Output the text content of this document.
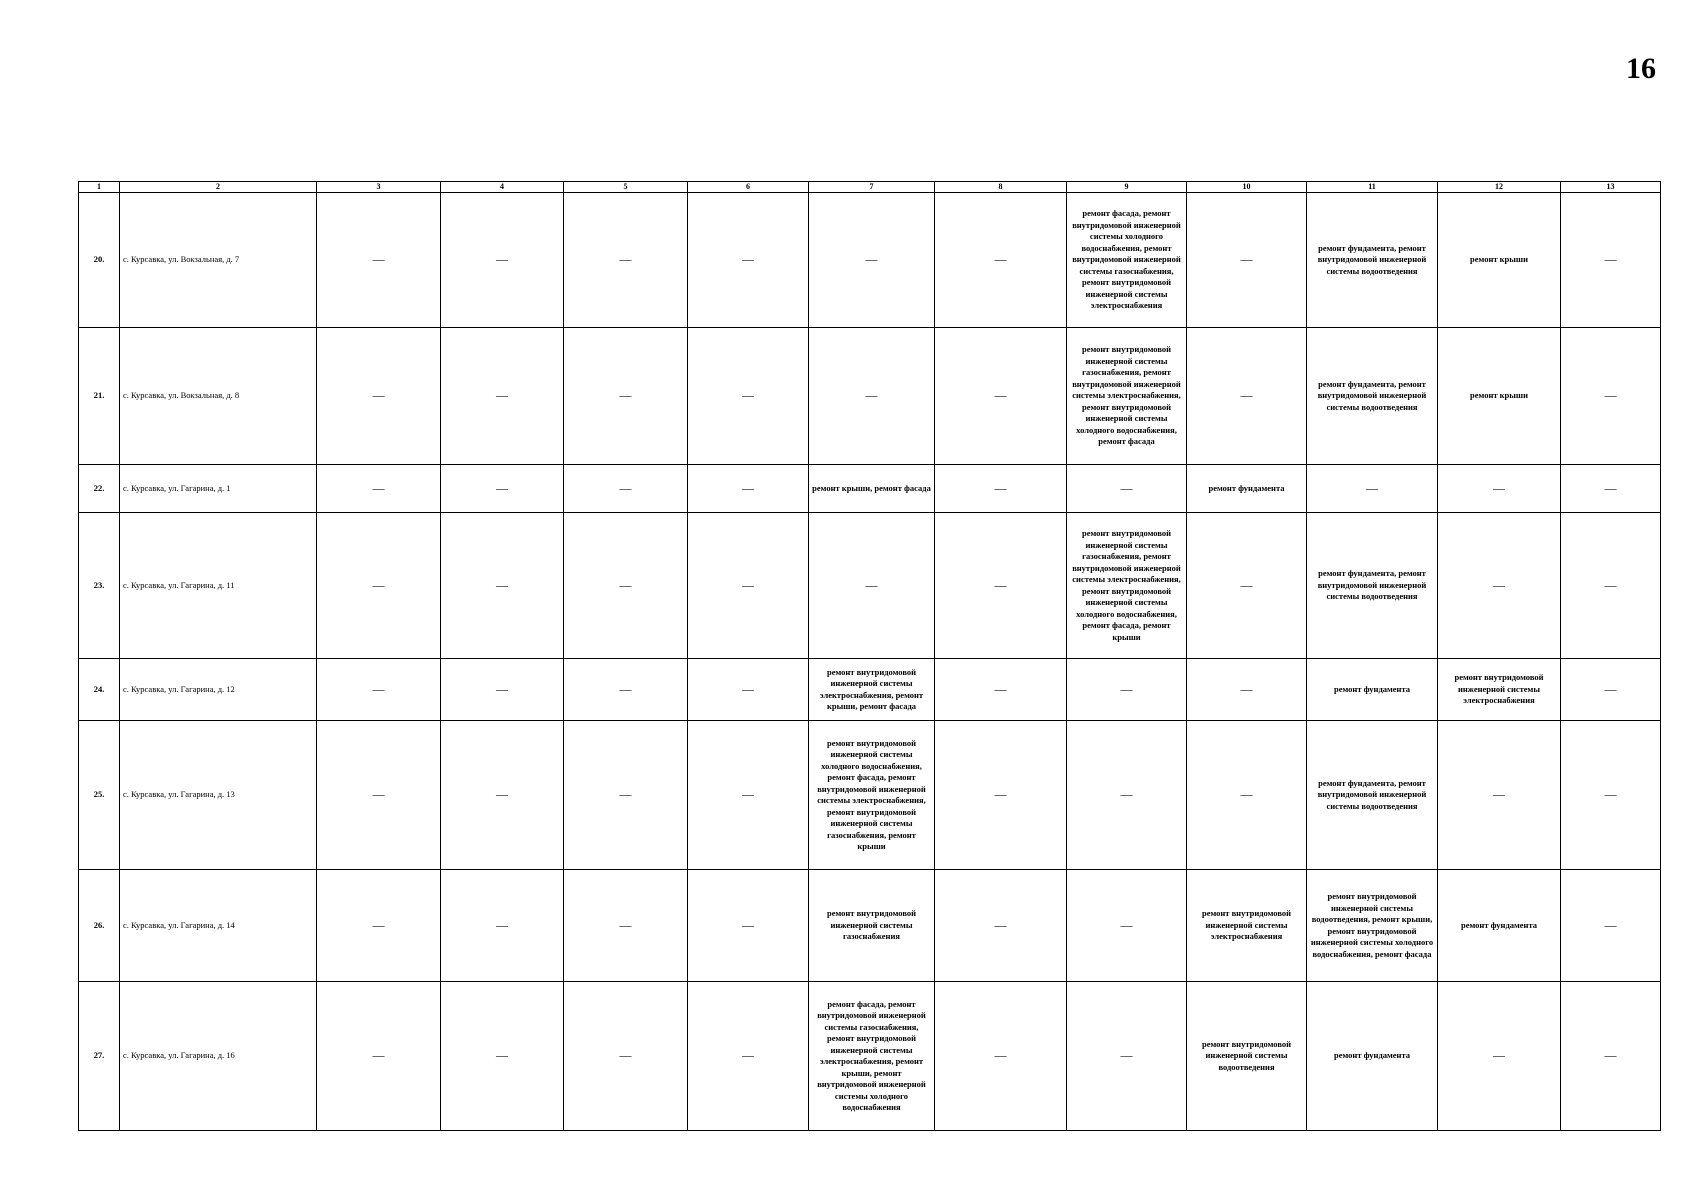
16
1	2	3	4	5	6	7	8	9	10	11	12	13
20.	с. Курсавка, ул. Вокзальная, д. 7	—	—	—	—	—	—	ремонт фасада, ремонт внутридомовой инженерной системы холодного водоснабжения, ремонт внутридомовой инженерной системы газоснабжения, ремонт внутридомовой инженерной системы электроснабжения	—	ремонт фундамента, ремонт внутридомовой инженерной системы водоотведения	ремонт крыши	—
21.	с. Курсавка, ул. Вокзальная, д. 8	—	—	—	—	—	—	ремонт внутридомовой инженерной системы газоснабжения, ремонт внутридомовой инженерной системы электроснабжения, ремонт внутридомовой инженерной системы холодного водоснабжения, ремонт фасада	—	ремонт фундамента, ремонт внутридомовой инженерной системы водоотведения	ремонт крыши	—
22.	с. Курсавка, ул. Гагарина, д. 1	—	—	—	—	ремонт крыши, ремонт фасада	—	—	ремонт фундамента	—	—	—
23.	с. Курсавка, ул. Гагарина, д. 11	—	—	—	—	—	—	ремонт внутридомовой инженерной системы газоснабжения, ремонт внутридомовой инженерной системы электроснабжения, ремонт внутридомовой инженерной системы холодного водоснабжения, ремонт фасада, ремонт крыши	—	ремонт фундамента, ремонт внутридомовой инженерной системы водоотведения	—	—
24.	с. Курсавка, ул. Гагарина, д. 12	—	—	—	—	ремонт внутридомовой инженерной системы электроснабжения, ремонт крыши, ремонт фасада	—	—	—	ремонт фундамента	ремонт внутридомовой инженерной системы электроснабжения	—
25.	с. Курсавка, ул. Гагарина, д. 13	—	—	—	—	ремонт внутридомовой инженерной системы холодного водоснабжения, ремонт фасада, ремонт внутридомовой инженерной системы электроснабжения, ремонт внутридомовой инженерной системы газоснабжения, ремонт крыши	—	—	—	ремонт фундамента, ремонт внутридомовой инженерной системы водоотведения	—	—
26.	с. Курсавка, ул. Гагарина, д. 14	—	—	—	—	ремонт внутридомовой инженерной системы газоснабжения	—	—	ремонт внутридомовой инженерной системы электроснабжения	ремонт внутридомовой инженерной системы водоотведения, ремонт крыши, ремонт внутридомовой инженерной системы холодного водоснабжения, ремонт фасада	ремонт фундамента	—
27.	с. Курсавка, ул. Гагарина, д. 16	—	—	—	—	ремонт фасада, ремонт внутридомовой инженерной системы газоснабжения, ремонт внутридомовой инженерной системы электроснабжения, ремонт крыши, ремонт внутридомовой инженерной системы холодного водоснабжения	—	—	ремонт внутридомовой инженерной системы водоотведения	ремонт фундамента	—	—
